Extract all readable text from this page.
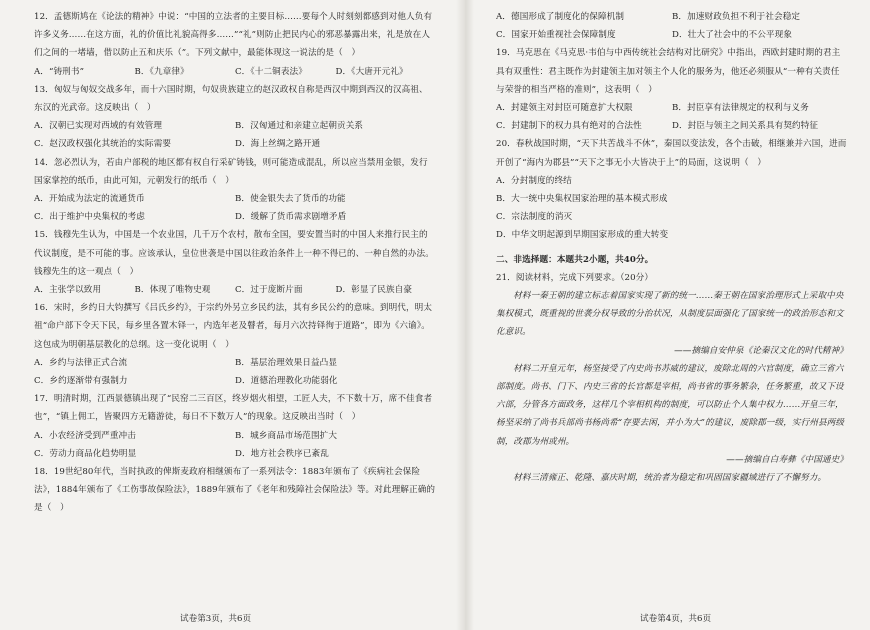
12．孟德斯鸠在《论法的精神》中说：“中国的立法者的主要目标……要每个人时刻刻都感到对他人负有许多义务……在这方面，礼的价值比礼貌高得多……”“礼”则防止把民内心的邪恶暴露出来，礼是放在人们之间的一堵墙，借以防止五和庆乐（”。下列文献中，最能体现这一说法的是（　）

A．“铸刑书”	B．《九章律》	C．《十二铜表法》	D．《大唐开元礼》

13．匈奴与匈奴交战多年，而十六国时期，句奴贵族建立的赵汉政权自称是西汉中期到西汉的汉高祖、东汉的光武帝。这反映出（　）

A．汉朝已实现对西域的有效管理	B．汉匈通过和亲建立起朝贡关系
C．赵汉政权强化其统治的实际需要	D．海上丝绸之路开通

14．忽必烈认为，若由户部税的地区都有权自行采矿铸钱，则可能造成混乱，所以应当禁用金银，发行国家掌控的纸币，由此可知，元朝发行的纸币（　）

A．开始成为法定的流通货币	B．使金银失去了货币的功能
C．出于维护中央集权的考虑	D．缓解了货币需求剧增矛盾

15．钱穆先生认为，中国是一个农业国，几千万个农村，散布全国，要安置当时的中国人来推行民主的代议制度，是不可能的事。应该承认，皇位世袭是中国以往政治条件上一种不得已的、一种自然的办法。钱穆先生的这一观点（　）

A．主张学以致用	B．体现了唯物史观	C．过于庞断片面	D．彰显了民族自豪

16．宋时，乡约日大钧撰写《吕氏乡约》，于宗约外另立乡民约法，其有乡民公约的意味。到明代，明太祖“命户部下令天下民，每乡里各置木铎一，内选年老及瞽者，每月六次持铎徇于道路”，即为《六谕》。这包成为明朝基层教化的总纲。这一变化说明（　）

A．乡约与法律正式合流	B．基层治理效果日益凸显
C．乡约逐渐带有强制力	D．道德治理教化功能弱化

17．明清时期，江西景德镇出现了“民窑二三百区，终岁烟火相望，工匠人夫，不下数十万，席不佳食者也”，“镇上佣工，皆聚四方无籍游徒，每日不下数万人”的现象。这反映出当时（　）

A．小农经济受到严重冲击	B．城乡商品市场范围扩大
C．劳动力商品化趋势明显	D．地方社会秩序已紊乱

18．19世纪80年代，当时执政的俾斯麦政府相继颁布了一系列法令：1883年颁布了《疾病社会保险法》，1884年颁布了《工伤事故保险法》，1889年颁布了《老年和残障社会保险法》等。对此理解正确的是（　）

A．德国形成了制度化的保障机制	B．加速财政负担不利于社会稳定
C．国家开始重视社会保障制度	D．壮大了社会中的不公平现象

19．马克思在《马克思·韦伯与中西传统社会结构对比研究》中指出，西欧封建时期的君主具有双重性：君主既作为封建领主加对领主个人化的服务为，他还必须服从“一种有关责任与荣誉的相当严格的准则”，这表明（　）

A．封建领主对封臣可随意扩大权限	B．封臣享有法律规定的权利与义务
C．封建制下的权力具有绝对的合法性	D．封臣与领主之间关系具有契约特征

20．春秋战国时期，“天下共苦战斗不休”，秦国以变法发，各个击破，相继兼并六国，进而开创了“海内为郡县”“天下之事无小大皆决于上”的局面，这说明（　）

A．分封制度的终结
B．大一统中央集权国家治理的基本模式形成
C．宗法制度的消灭
D．中华文明起源到早期国家形成的重大转变

二、非选择题：本题共2小题，共40分。

21．阅读材料，完成下列要求。（20分）

材料一秦王朝的建立标志着国家实现了新的统一……秦王朝在国家治理形式上采取中央集权模式，既重视的世袭分权导致的分治状况，从制度层面强化了国家统一的政治形态和文化意识。

——摘编自安仲泉《论秦汉文化的时代精神》

材料二开皇元年，杨坚接受了内史尚书苏威的建议，废除北周的六官制度，确立三省六部制度。尚书、门下、内史三省的长官都是宰相，尚书省的事务繁杂，任务繁重，故又下设六部，分管各方面政务，这样几个宰相机构的制度，可以防止个人集中权力……开皇三年，杨坚采纳了尚书兵部尚书杨尚希“存要去闲，并小为大”的建议，废除郡一级，实行州县两级制，改郡为州或州。

——摘编自白寿彝《中国通史》

材料三清雍正、乾隆、嘉庆时期，统治者为稳定和巩固国家疆域进行了不懈努力。

试卷第3页，共6页	试卷第4页，共6页
